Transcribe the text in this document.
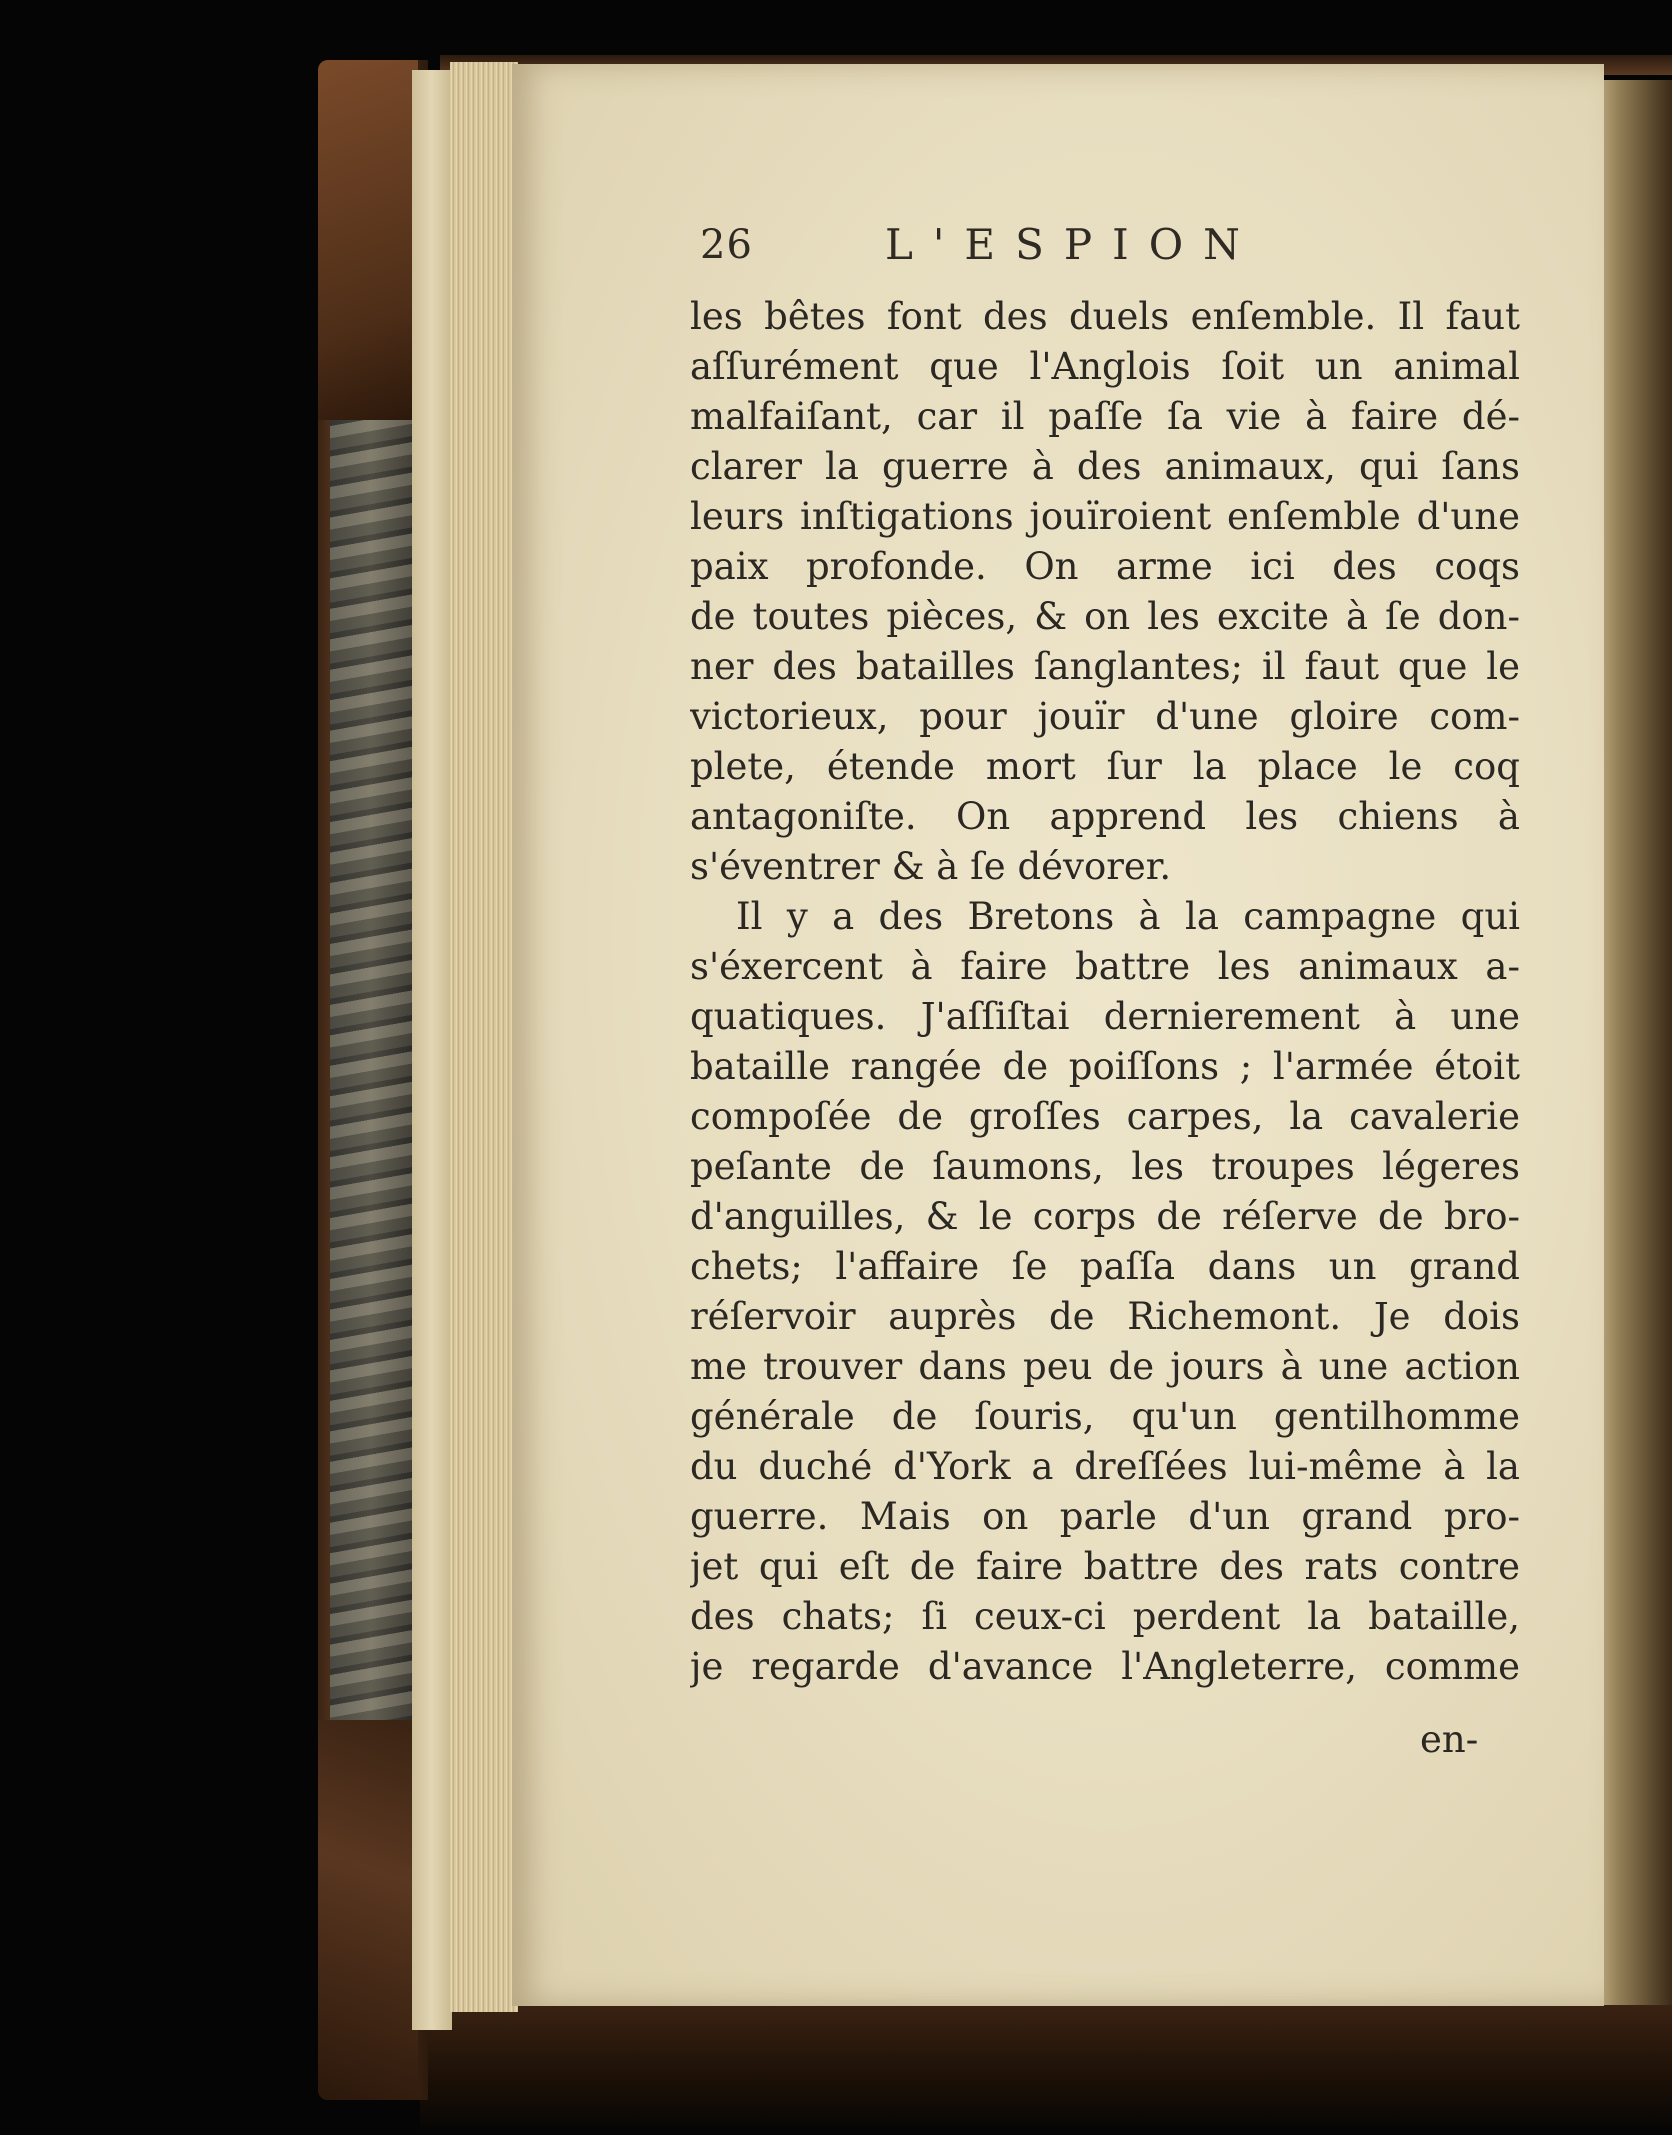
26	L'ESPION
les bêtes font des duels enſemble. Il faut
aſſurément que l'Anglois ſoit un animal
malfaiſant, car il paſſe ſa vie à faire dé-
clarer la guerre à des animaux, qui ſans
leurs inſtigations jouïroient enſemble d'une
paix profonde. On arme ici des coqs
de toutes pièces, & on les excite à ſe don-
ner des batailles ſanglantes; il faut que le
victorieux, pour jouïr d'une gloire com-
plete, étende mort ſur la place le coq
antagoniſte. On apprend les chiens à
s'éventrer & à ſe dévorer.
Il y a des Bretons à la campagne qui
s'éxercent à faire battre les animaux a-
quatiques. J'aſſiſtai dernierement à une
bataille rangée de poiſſons ; l'armée étoit
compoſée de groſſes carpes, la cavalerie
peſante de ſaumons, les troupes légeres
d'anguilles, & le corps de réſerve de bro-
chets; l'affaire ſe paſſa dans un grand
réſervoir auprès de Richemont. Je dois
me trouver dans peu de jours à une action
générale de ſouris, qu'un gentilhomme
du duché d'York a dreſſées lui-même à la
guerre. Mais on parle d'un grand pro-
jet qui eſt de faire battre des rats contre
des chats; ſi ceux-ci perdent la bataille,
je regarde d'avance l'Angleterre, comme
en-
